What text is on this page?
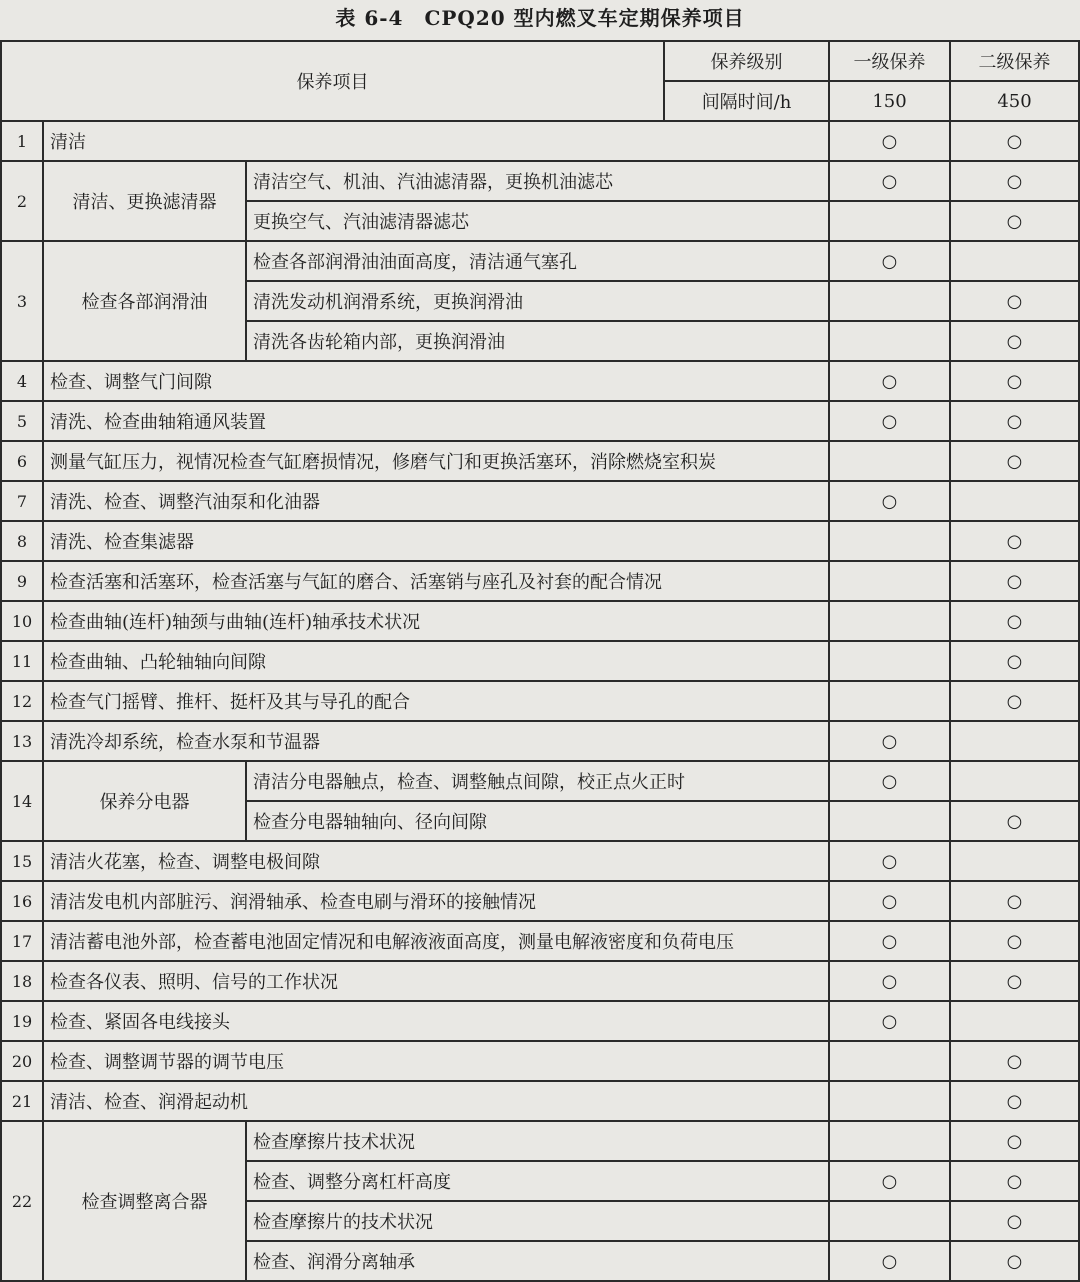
表 6-4　CPQ20 型内燃叉车定期保养项目
保养项目			保养级别	一级保养	二级保养
			间隔时间/h	150	450
1	清洁			○	○
2	清洁、更换滤清器	清洁空气、机油、汽油滤清器，更换机油滤芯		○	○
		更换空气、汽油滤清器滤芯			○
3	检查各部润滑油	检查各部润滑油油面高度，清洁通气塞孔		○	
		清洗发动机润滑系统，更换润滑油			○
		清洗各齿轮箱内部，更换润滑油			○
4	检查、调整气门间隙			○	○
5	清洗、检查曲轴箱通风装置			○	○
6	测量气缸压力，视情况检查气缸磨损情况，修磨气门和更换活塞环，消除燃烧室积炭				○
7	清洗、检查、调整汽油泵和化油器			○	
8	清洗、检查集滤器				○
9	检查活塞和活塞环，检查活塞与气缸的磨合、活塞销与座孔及衬套的配合情况				○
10	检查曲轴(连杆)轴颈与曲轴(连杆)轴承技术状况				○
11	检查曲轴、凸轮轴轴向间隙				○
12	检查气门摇臂、推杆、挺杆及其与导孔的配合				○
13	清洗冷却系统，检查水泵和节温器			○	
14	保养分电器	清洁分电器触点，检查、调整触点间隙，校正点火正时		○	
		检查分电器轴轴向、径向间隙			○
15	清洁火花塞，检查、调整电极间隙			○	
16	清洁发电机内部脏污、润滑轴承、检查电刷与滑环的接触情况			○	○
17	清洁蓄电池外部，检查蓄电池固定情况和电解液液面高度，测量电解液密度和负荷电压			○	○
18	检查各仪表、照明、信号的工作状况			○	○
19	检查、紧固各电线接头			○	
20	检查、调整调节器的调节电压				○
21	清洁、检查、润滑起动机				○
22	检查调整离合器	检查摩擦片技术状况			○
		检查、调整分离杠杆高度		○	○
		检查摩擦片的技术状况			○
		检查、润滑分离轴承		○	○
